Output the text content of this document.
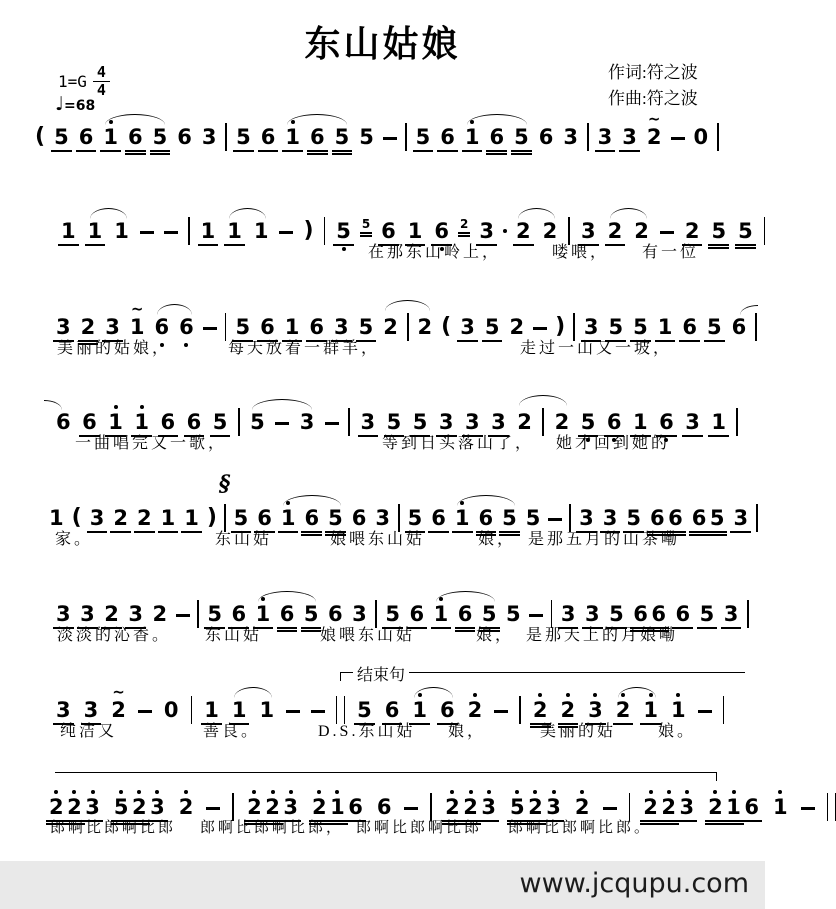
东山姑娘
$1=G \frac{4}{4}$
♩=68
作词:符之波
作曲:符之波
( 5 6 1 6 5 6 3 5 6 1 6 5 5 5 6 1 6 5 6 3 3 3 2
~
0
1 1 1	1 1 1 ) 5 5 6 1 6 2 3 2 2 3 2 2 2 5 5
在那东山岭上，	喽喂， 有一位
3 2 3 1
~
6 6 5 6 1 6 3 5 2 2 ( 3 5 2 ) 3 5 5 1 6 5 6
美丽的姑娘，	每天放着一群羊，	走过一山又一坡，
6 6 1 1 6 6 5 5 3 3 5 5 3 3 3 2 2 5 6 1 6 3 1
一曲唱完又一歌，	等到日头落山了， 她才回到她的
1 ( 3 2 2 1 1 )
§
5 6 1 6 5 6 3 5 6 1 6 5 5 3 3 5 6 6 6 5 3
家。	东山姑	娘喂东山姑	娘， 是那五月的山茶嘞
3 3 2 3 2 5 6 1 6 5 6 3 5 6 1 6 5 5 3 3 5 6 6 6 5 3
淡淡的沁香。 东山姑	娘喂东山姑	娘， 是那天上的月娘嘞
3 3 2
~
0 1 1 1	5 6 1 6 2 2 2 3 2 1 1
纯洁又	善良。	D.S.东山姑 娘，	美丽的姑	娘。
2 2 3 5 2 3 2	2 2 3 2 1 6 6	2 2 3 5 2 3 2	2 2 3 2 1 6 1
郎啊比郎啊比郎 郎啊比郎啊比郎， 郎啊比郎啊比郎 郎啊比郎啊比郎。
结束句
www.jcqupu.com
